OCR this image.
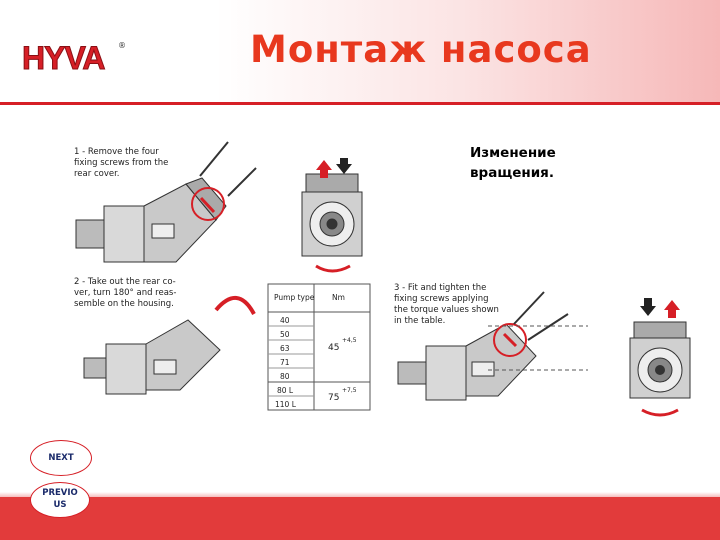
HYVA ®	Монтаж насоса
1 - Remove the four
fixing screws from the
rear cover.
2 - Take out the rear co-
ver, turn 180° and reas-
semble on the housing.
Pump type Nm
40
50
63
71
80
80 L
110 L
45
+4,5
75
+7,5
3 - Fit and tighten the
fixing screws applying
the torque values shown
in the table.
Изменение
вращения.
NEXT
PREVIO
US
